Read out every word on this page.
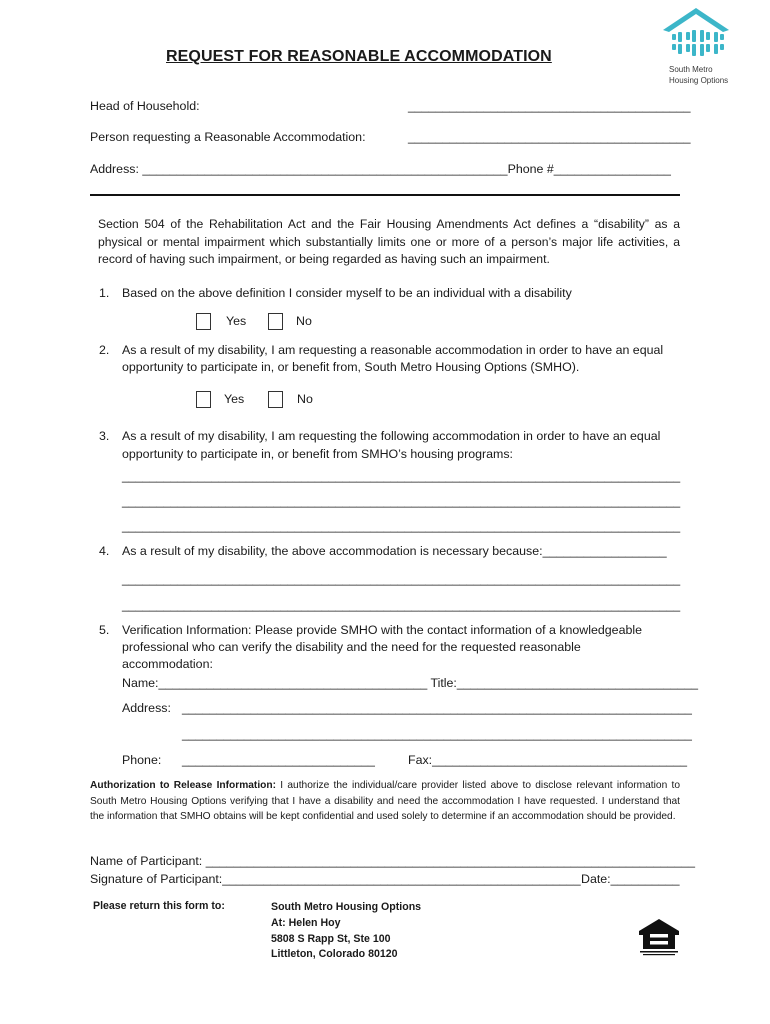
South Metro
Housing Options
REQUEST FOR REASONABLE ACCOMMODATION
Head of Household:	_________________________________________
Person requesting a Reasonable Accommodation:	_________________________________________
Address: _____________________________________________________Phone #_________________
Section 504 of the Rehabilitation Act and the Fair Housing Amendments Act defines a “disability” as a physical or mental impairment which substantially limits one or more of a person’s major life activities, a record of having such impairment, or being regarded as having such an impairment.
1. Based on the above definition I consider myself to be an individual with a disability
Yes	No
2. As a result of my disability, I am requesting a reasonable accommodation in order to have an equal
opportunity to participate in, or benefit from, South Metro Housing Options (SMHO).
Yes	No
3. As a result of my disability, I am requesting the following accommodation in order to have an equal
opportunity to participate in, or benefit from SMHO’s housing programs:
_________________________________________________________________________________
_________________________________________________________________________________
_________________________________________________________________________________
4. As a result of my disability, the above accommodation is necessary because:__________________
_________________________________________________________________________________
_________________________________________________________________________________
5. Verification Information: Please provide SMHO with the contact information of a knowledgeable
professional who can verify the disability and the need for the requested reasonable
accommodation:
Name:_______________________________________ Title:___________________________________
Address: __________________________________________________________________________
__________________________________________________________________________
Phone: ____________________________	Fax:_____________________________________
Authorization to Release Information: I authorize the individual/care provider listed above to disclose relevant information to South Metro Housing Options verifying that I have a disability and need the accommodation I have requested. I understand that the information that SMHO obtains will be kept confidential and used solely to determine if an accommodation should be provided.
Name of Participant: _______________________________________________________________________
Signature of Participant:____________________________________________________ Date:__________
Please return this form to:	South Metro Housing Options
At: Helen Hoy
5808 S Rapp St, Ste 100
Littleton, Colorado 80120
